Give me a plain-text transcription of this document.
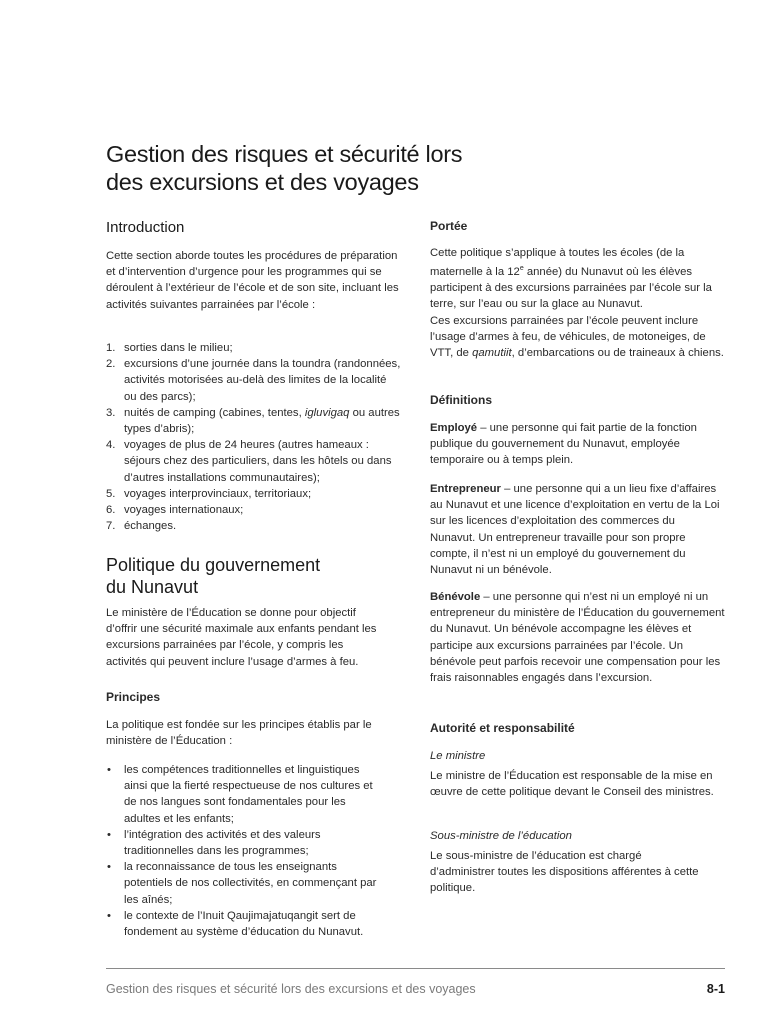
Gestion des risques et sécurité lors
des excursions et des voyages
Introduction

Cette section aborde toutes les procédures de préparation et d’intervention d’urgence pour les programmes qui se déroulent à l’extérieur de l’école et de son site, incluant les activités suivantes parrainées par l’école :

1. sorties dans le milieu;
2. excursions d’une journée dans la toundra (randonnées, activités motorisées au-delà des limites de la localité ou des parcs);
3. nuités de camping (cabines, tentes, igluvigaq ou autres types d’abris);
4. voyages de plus de 24 heures (autres hameaux : séjours chez des particuliers, dans les hôtels ou dans d’autres installations communautaires);
5. voyages interprovinciaux, territoriaux;
6. voyages internationaux;
7. échanges.
Politique du gouvernement
du Nunavut

Le ministère de l’Éducation se donne pour objectif d’offrir une sécurité maximale aux enfants pendant les excursions parrainées par l’école, y compris les activités qui peuvent inclure l’usage d’armes à feu.

Principes

La politique est fondée sur les principes établis par le ministère de l’Éducation :

• les compétences traditionnelles et linguistiques ainsi que la fierté respectueuse de nos cultures et de nos langues sont fondamentales pour les adultes et les enfants;
• l’intégration des activités et des valeurs traditionnelles dans les programmes;
• la reconnaissance de tous les enseignants potentiels de nos collectivités, en commençant par les aînés;
• le contexte de l’Inuit Qaujimajatuqangit sert de fondement au système d’éducation du Nunavut.
Portée

Cette politique s’applique à toutes les écoles (de la maternelle à la 12e année) du Nunavut où les élèves participent à des excursions parrainées par l’école sur la terre, sur l’eau ou sur la glace au Nunavut.

Ces excursions parrainées par l’école peuvent inclure l’usage d’armes à feu, de véhicules, de motoneiges, de VTT, de qamutiit, d’embarcations ou de traineaux à chiens.

Définitions

Employé – une personne qui fait partie de la fonction publique du gouvernement du Nunavut, employée temporaire ou à temps plein.

Entrepreneur – une personne qui a un lieu fixe d’affaires au Nunavut et une licence d’exploitation en vertu de la Loi sur les licences d’exploitation des commerces du Nunavut. Un entrepreneur travaille pour son propre compte, il n’est ni un employé du gouvernement du Nunavut ni un bénévole.

Bénévole – une personne qui n’est ni un employé ni un entrepreneur du ministère de l’Éducation du gouvernement du Nunavut. Un bénévole accompagne les élèves et participe aux excursions parrainées par l’école. Un bénévole peut parfois recevoir une compensation pour les frais raisonnables engagés dans l’excursion.

Autorité et responsabilité
Le ministre

Le ministre de l’Éducation est responsable de la mise en œuvre de cette politique devant le Conseil des ministres.

Sous-ministre de l’éducation

Le sous-ministre de l’éducation est chargé d’administrer toutes les dispositions afférentes à cette politique.

Gestion des risques et sécurité lors des excursions et des voyages	8-1
